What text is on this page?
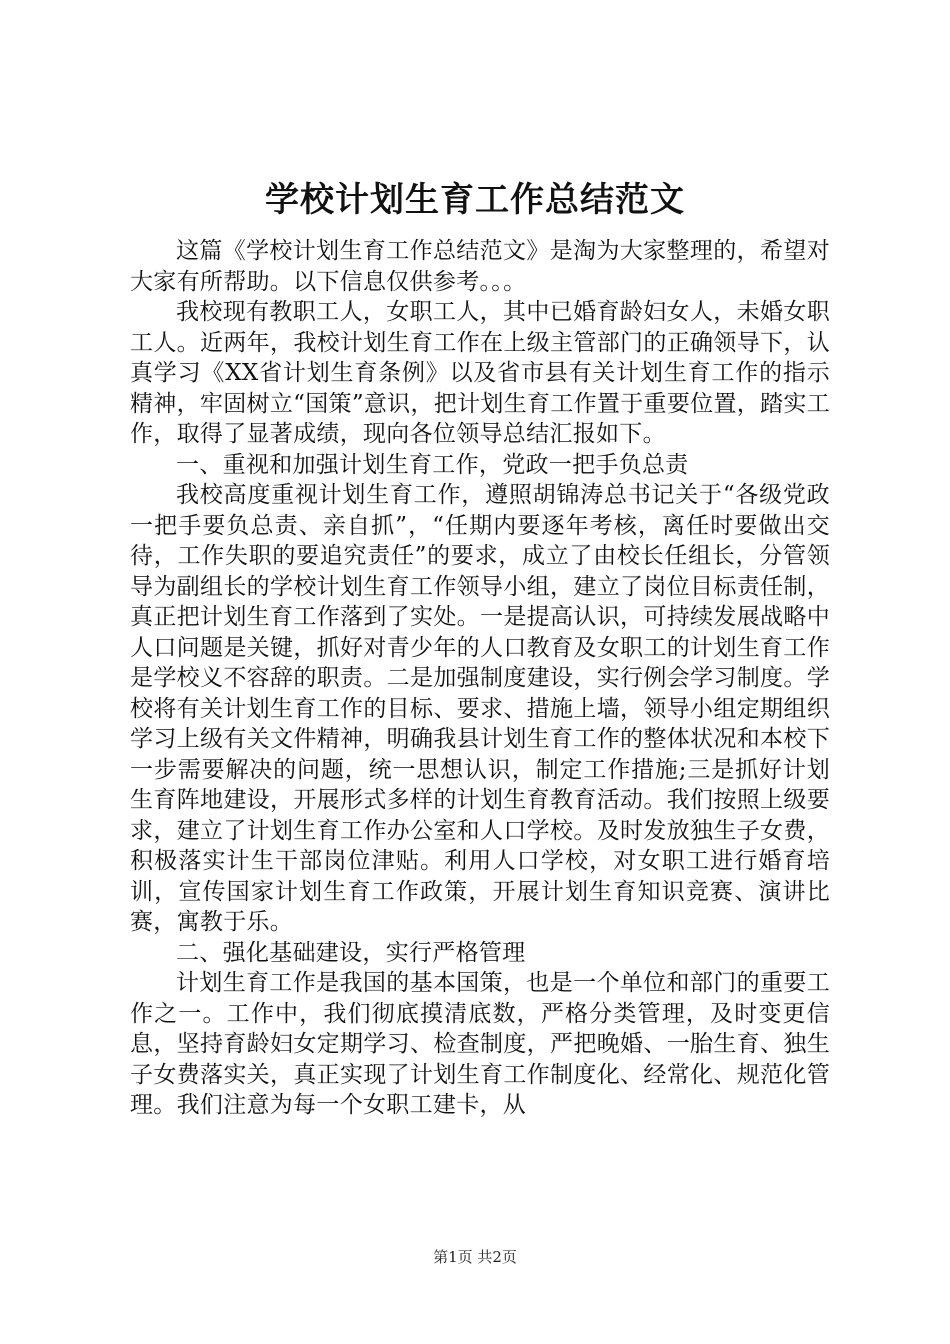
学校计划生育工作总结范文

这篇《学校计划生育工作总结范文》是淘为大家整理的，希望对大家有所帮助。以下信息仅供参考。。。

我校现有教职工人，女职工人，其中已婚育龄妇女人，未婚女职工人。近两年，我校计划生育工作在上级主管部门的正确领导下，认真学习《XX省计划生育条例》以及省市县有关计划生育工作的指示精神，牢固树立“国策”意识，把计划生育工作置于重要位置，踏实工作，取得了显著成绩，现向各位领导总结汇报如下。

一、重视和加强计划生育工作，党政一把手负总责

我校高度重视计划生育工作，遵照胡锦涛总书记关于“各级党政一把手要负总责、亲自抓”，“任期内要逐年考核，离任时要做出交待，工作失职的要追究责任”的要求，成立了由校长任组长，分管领导为副组长的学校计划生育工作领导小组，建立了岗位目标责任制，真正把计划生育工作落到了实处。一是提高认识，可持续发展战略中人口问题是关键，抓好对青少年的人口教育及女职工的计划生育工作是学校义不容辞的职责。二是加强制度建设，实行例会学习制度。学校将有关计划生育工作的目标、要求、措施上墙，领导小组定期组织学习上级有关文件精神，明确我县计划生育工作的整体状况和本校下一步需要解决的问题，统一思想认识，制定工作措施;三是抓好计划生育阵地建设，开展形式多样的计划生育教育活动。我们按照上级要求，建立了计划生育工作办公室和人口学校。及时发放独生子女费，积极落实计生干部岗位津贴。利用人口学校，对女职工进行婚育培训，宣传国家计划生育工作政策，开展计划生育知识竞赛、演讲比赛，寓教于乐。

二、强化基础建设，实行严格管理

计划生育工作是我国的基本国策，也是一个单位和部门的重要工作之一。工作中，我们彻底摸清底数，严格分类管理，及时变更信息，坚持育龄妇女定期学习、检查制度，严把晚婚、一胎生育、独生子女费落实关，真正实现了计划生育工作制度化、经常化、规范化管理。我们注意为每一个女职工建卡，从

第1页 共2页
